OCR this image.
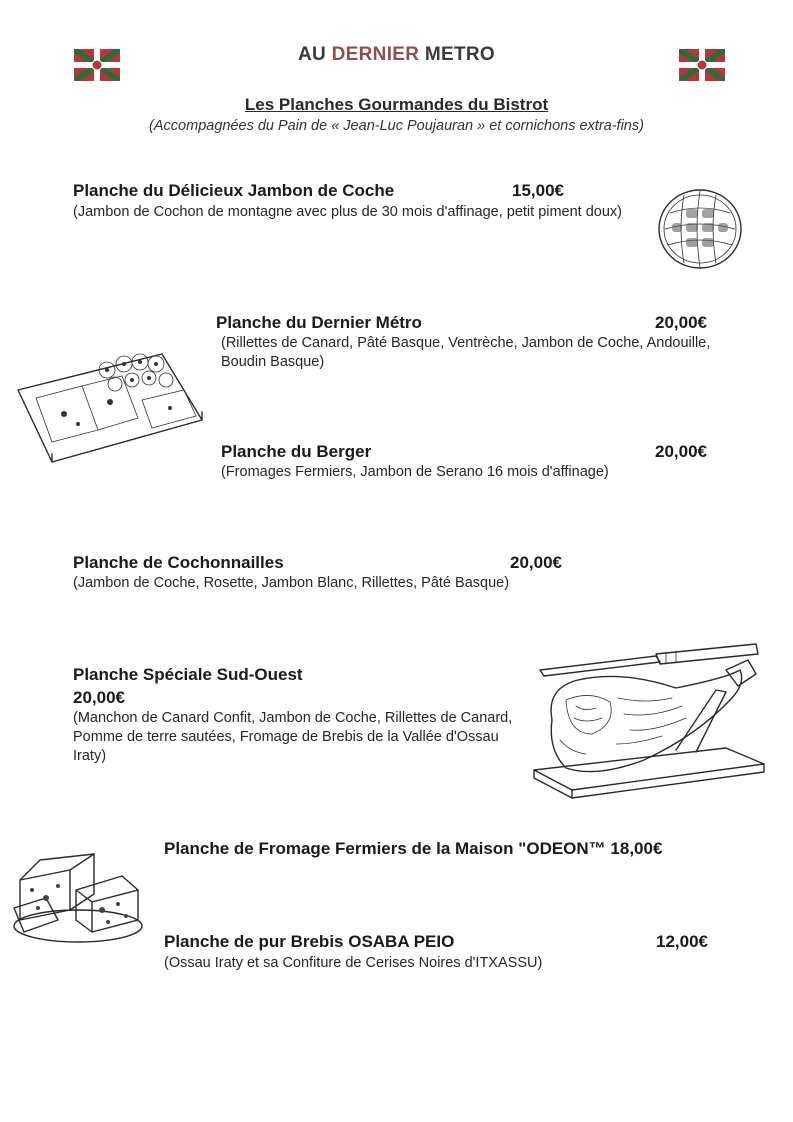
AU DERNIER METRO
Les Planches Gourmandes du Bistrot
(Accompagnées du Pain de « Jean-Luc Poujauran » et cornichons extra-fins)
Planche du Délicieux Jambon de Coche	15,00€
(Jambon de Cochon de montagne avec plus de 30 mois d'affinage, petit piment doux)
Planche du Dernier Métro	20,00€
(Rillettes de Canard, Pâté Basque, Ventrèche, Jambon de Coche, Andouille, Boudin Basque)
Planche du Berger	20,00€
(Fromages Fermiers, Jambon de Serano 16 mois d'affinage)
Planche de Cochonnailles	20,00€
(Jambon de Coche, Rosette, Jambon Blanc, Rillettes, Pâté Basque)
Planche Spéciale Sud-Ouest
20,00€
(Manchon de Canard Confit, Jambon de Coche, Rillettes de Canard, Pomme de terre sautées, Fromage de Brebis de la Vallée d'Ossau Iraty)
Planche de Fromage Fermiers de la Maison "ODEON™ 18,00€
Planche de pur Brebis OSABA PEIO	12,00€
(Ossau Iraty et sa Confiture de Cerises Noires d'ITXASSU)
